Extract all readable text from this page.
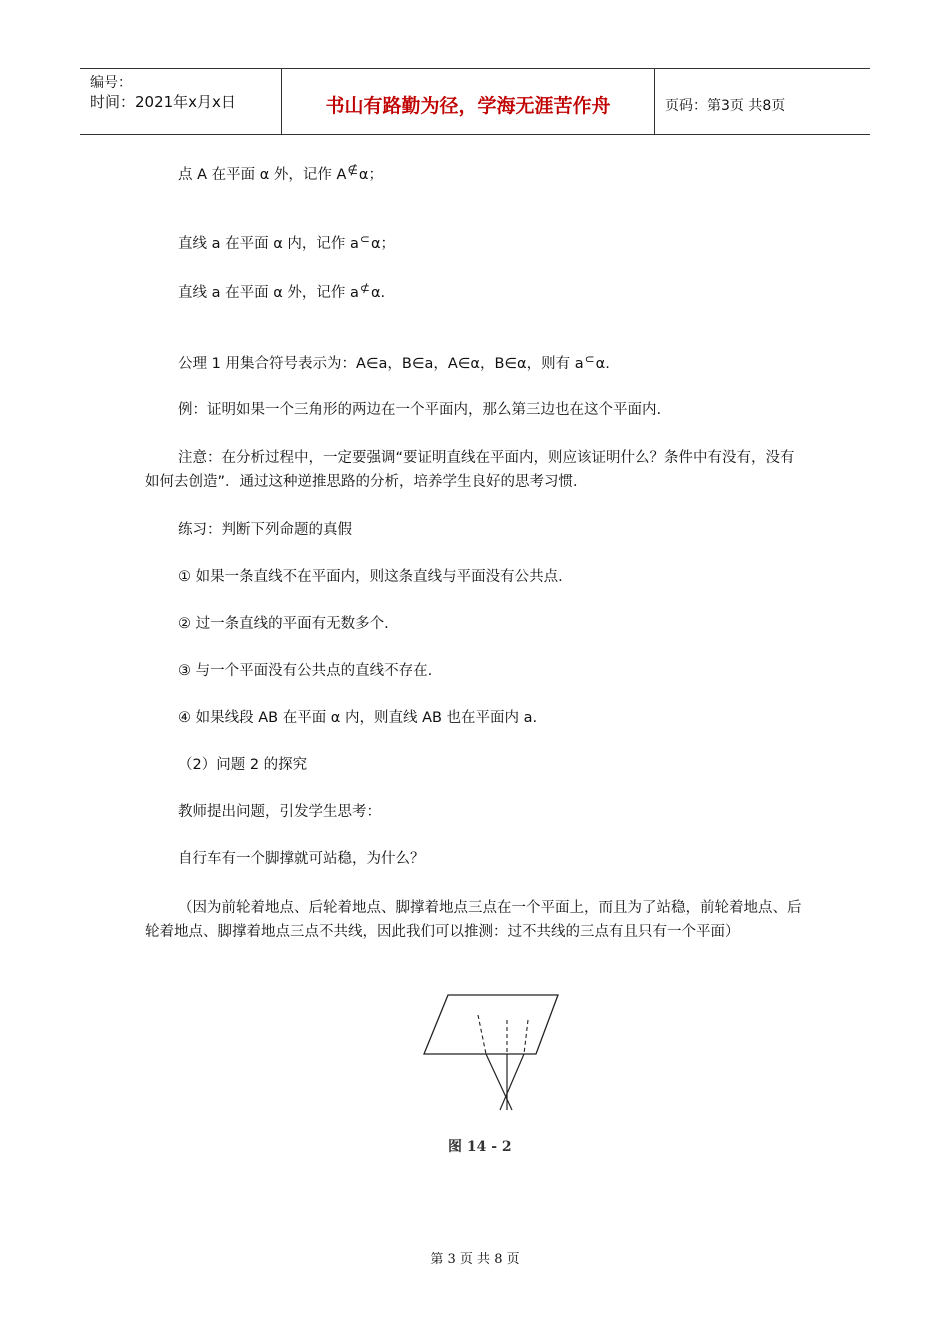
编号：
时间：2021年x月x日	书山有路勤为径，学海无涯苦作舟	页码：第3页 共8页
点 A 在平面 α 外，记作 A∉α；
直线 a 在平面 α 内，记作 a⊂α；
直线 a 在平面 α 外，记作 a⊄α.
公理 1 用集合符号表示为：A∈a，B∈a，A∈α，B∈α，则有 a⊂α.
例：证明如果一个三角形的两边在一个平面内，那么第三边也在这个平面内.
注意：在分析过程中，一定要强调“要证明直线在平面内，则应该证明什么？条件中有没有，没有如何去创造”．通过这种逆推思路的分析，培养学生良好的思考习惯.
练习：判断下列命题的真假
① 如果一条直线不在平面内，则这条直线与平面没有公共点.
② 过一条直线的平面有无数多个.
③ 与一个平面没有公共点的直线不存在.
④ 如果线段 AB 在平面 α 内，则直线 AB 也在平面内 a.
（2）问题 2 的探究
教师提出问题，引发学生思考：
自行车有一个脚撑就可站稳，为什么？
（因为前轮着地点、后轮着地点、脚撑着地点三点在一个平面上，而且为了站稳，前轮着地点、后轮着地点、脚撑着地点三点不共线，因此我们可以推测：过不共线的三点有且只有一个平面）
图 14 - 2
第 3 页 共 8 页
